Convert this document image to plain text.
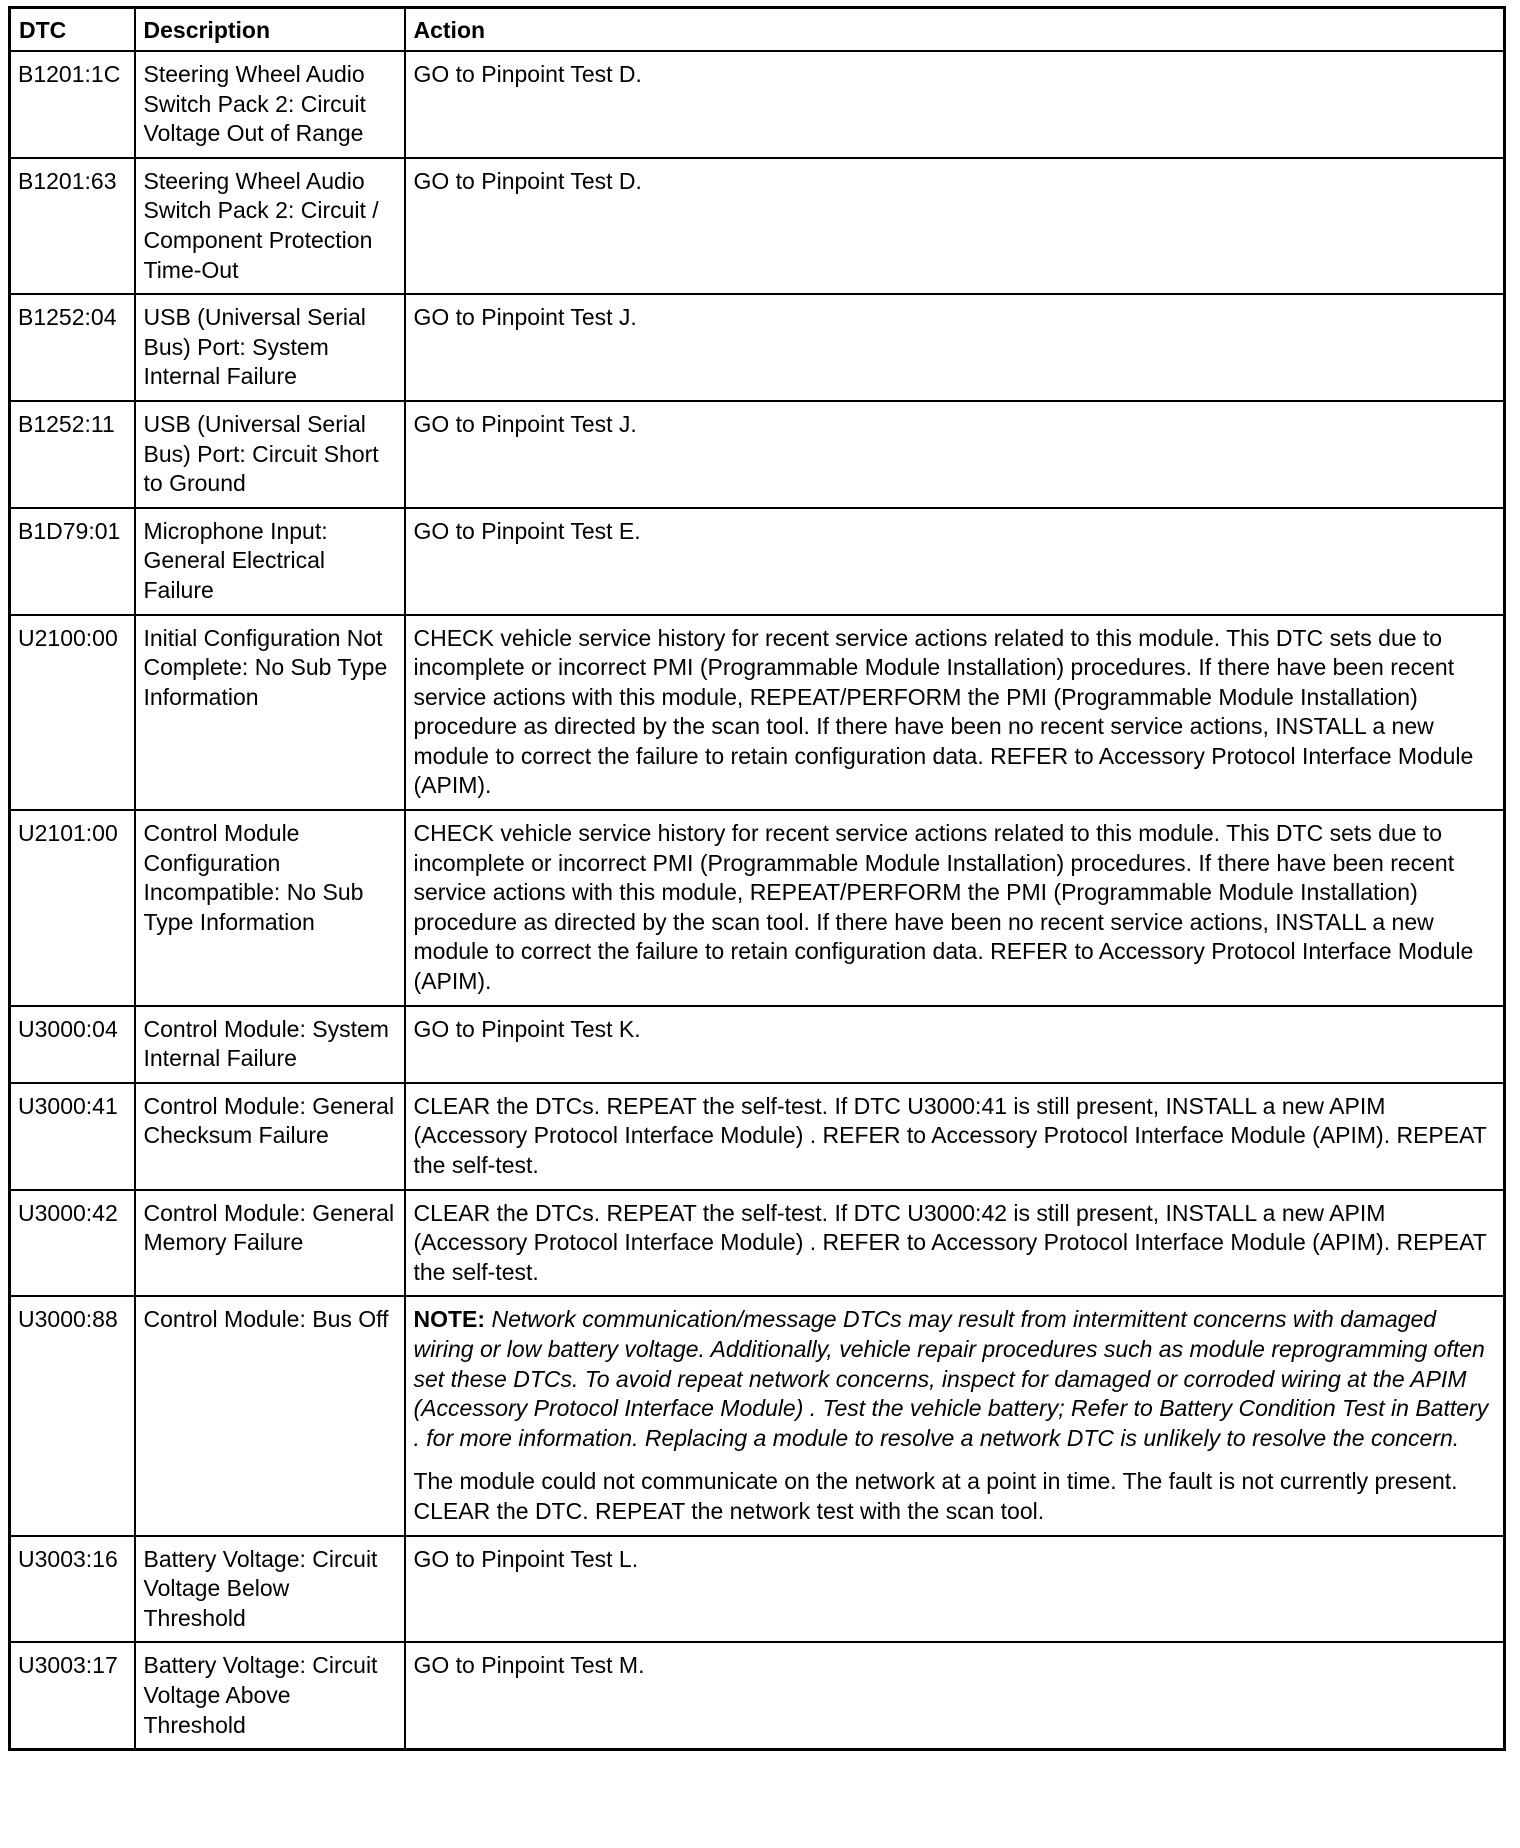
DTC	Description	Action
B1201:1C	Steering Wheel Audio Switch Pack 2: Circuit Voltage Out of Range	GO to Pinpoint Test D.
B1201:63	Steering Wheel Audio Switch Pack 2: Circuit / Component Protection Time-Out	GO to Pinpoint Test D.
B1252:04	USB (Universal Serial Bus) Port: System Internal Failure	GO to Pinpoint Test J.
B1252:11	USB (Universal Serial Bus) Port: Circuit Short to Ground	GO to Pinpoint Test J.
B1D79:01	Microphone Input: General Electrical Failure	GO to Pinpoint Test E.
U2100:00	Initial Configuration Not Complete: No Sub Type Information	CHECK vehicle service history for recent service actions related to this module. This DTC sets due to incomplete or incorrect PMI (Programmable Module Installation) procedures. If there have been recent service actions with this module, REPEAT/PERFORM the PMI (Programmable Module Installation) procedure as directed by the scan tool. If there have been no recent service actions, INSTALL a new module to correct the failure to retain configuration data. REFER to Accessory Protocol Interface Module (APIM).
U2101:00	Control Module Configuration Incompatible: No Sub Type Information	CHECK vehicle service history for recent service actions related to this module. This DTC sets due to incomplete or incorrect PMI (Programmable Module Installation) procedures. If there have been recent service actions with this module, REPEAT/PERFORM the PMI (Programmable Module Installation) procedure as directed by the scan tool. If there have been no recent service actions, INSTALL a new module to correct the failure to retain configuration data. REFER to Accessory Protocol Interface Module (APIM).
U3000:04	Control Module: System Internal Failure	GO to Pinpoint Test K.
U3000:41	Control Module: General Checksum Failure	CLEAR the DTCs. REPEAT the self-test. If DTC U3000:41 is still present, INSTALL a new APIM (Accessory Protocol Interface Module) . REFER to Accessory Protocol Interface Module (APIM). REPEAT the self-test.
U3000:42	Control Module: General Memory Failure	CLEAR the DTCs. REPEAT the self-test. If DTC U3000:42 is still present, INSTALL a new APIM (Accessory Protocol Interface Module) . REFER to Accessory Protocol Interface Module (APIM). REPEAT the self-test.
U3000:88	Control Module: Bus Off	NOTE: Network communication/message DTCs may result from intermittent concerns with damaged wiring or low battery voltage. Additionally, vehicle repair procedures such as module reprogramming often set these DTCs. To avoid repeat network concerns, inspect for damaged or corroded wiring at the APIM (Accessory Protocol Interface Module) . Test the vehicle battery; Refer to Battery Condition Test in Battery . for more information. Replacing a module to resolve a network DTC is unlikely to resolve the concern.

The module could not communicate on the network at a point in time. The fault is not currently present. CLEAR the DTC. REPEAT the network test with the scan tool.

U3003:16	Battery Voltage: Circuit Voltage Below Threshold	GO to Pinpoint Test L.
U3003:17	Battery Voltage: Circuit Voltage Above Threshold	GO to Pinpoint Test M.
